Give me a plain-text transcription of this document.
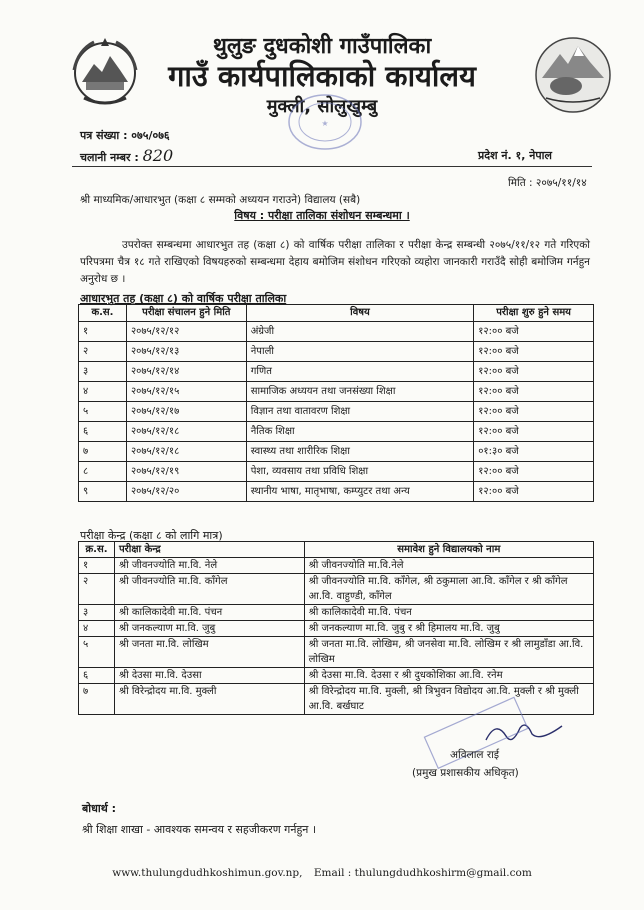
थुलुङ दुधकोशी गाउँपालिका
गाउँ कार्यपालिकाको कार्यालय
मुक्ली, सोलुखुम्बु
★
पत्र संख्या : ०७५/०७६
चलानी नम्बर : 820	प्रदेश नं. १, नेपाल
मिति : २०७५/११/१४
श्री माध्यमिक/आधारभुत (कक्षा ८ सम्मको अध्ययन गराउने) विद्यालय (सबै)
विषय : परीक्षा तालिका संशोधन सम्बन्धमा ।
उपरोक्त सम्बन्धमा आधारभुत तह (कक्षा ८) को वार्षिक परीक्षा तालिका र परीक्षा केन्द्र सम्बन्धी २०७५/११/१२ गते गरिएको परिपत्रमा चैत्र १८ गते राखिएको विषयहरुको सम्बन्धमा देहाय बमोजिम संशोधन गरिएको व्यहोरा जानकारी गराउँदै सोही बमोजिम गर्नहुन अनुरोध छ ।
आधारभुत तह (कक्षा ८) को वार्षिक परीक्षा तालिका
क.स.	परीक्षा संचालन हुने मिति	विषय	परीक्षा शुरु हुने समय
१	२०७५/१२/१२	अंग्रेजी	१२:०० बजे
२	२०७५/१२/१३	नेपाली	१२:०० बजे
३	२०७५/१२/१४	गणित	१२:०० बजे
४	२०७५/१२/१५	सामाजिक अध्ययन तथा जनसंख्या शिक्षा	१२:०० बजे
५	२०७५/१२/१७	विज्ञान तथा वातावरण शिक्षा	१२:०० बजे
६	२०७५/१२/१८	नैतिक शिक्षा	१२:०० बजे
७	२०७५/१२/१८	स्वास्थ्य तथा शारीरिक शिक्षा	०१:३० बजे
८	२०७५/१२/१९	पेशा, व्यवसाय तथा प्रविधि शिक्षा	१२:०० बजे
९	२०७५/१२/२०	स्थानीय भाषा, मातृभाषा, कम्प्युटर तथा अन्य	१२:०० बजे
परीक्षा केन्द्र (कक्षा ८ को लागि मात्र)
क्र.स.	परीक्षा केन्द्र	समावेश हुने विद्यालयको नाम
१	श्री जीवनज्योति मा.वि. नेले	श्री जीवनज्योति मा.वि.नेले
२	श्री जीवनज्योति मा.वि. काँगेल	श्री जीवनज्योति मा.वि. काँगेल, श्री ठकुमाला आ.वि. काँगेल र श्री काँगेल आ.वि. वाहुण्डी, काँगेल
३	श्री कालिकादेवी मा.वि. पंचन	श्री कालिकादेवी मा.वि. पंचन
४	श्री जनकल्याण मा.वि. जुबु	श्री जनकल्याण मा.वि. जुबु र श्री हिमालय मा.वि. जुबु
५	श्री जनता मा.वि. लोखिम	श्री जनता मा.वि. लोखिम, श्री जनसेवा मा.वि. लोखिम र श्री लामुडाँडा आ.वि. लोखिम
६	श्री देउसा मा.वि. देउसा	श्री देउसा मा.वि. देउसा र श्री दुधकोशिका आ.वि. रनेम
७	श्री विरेन्द्रोदय मा.वि. मुक्ली	श्री विरेन्द्रोदय मा.वि. मुक्ली, श्री त्रिभुवन विद्योदय आ.वि. मुक्ली र श्री मुक्ली आ.वि. बर्खघाट
अविलाल राई
(प्रमुख प्रशासकीय अधिकृत)
बोधार्थ :
श्री शिक्षा शाखा - आवश्यक समन्वय र सहजीकरण गर्नहुन ।
www.thulungdudhkoshimun.gov.np, Email : thulungdudhkoshirm@gmail.com
